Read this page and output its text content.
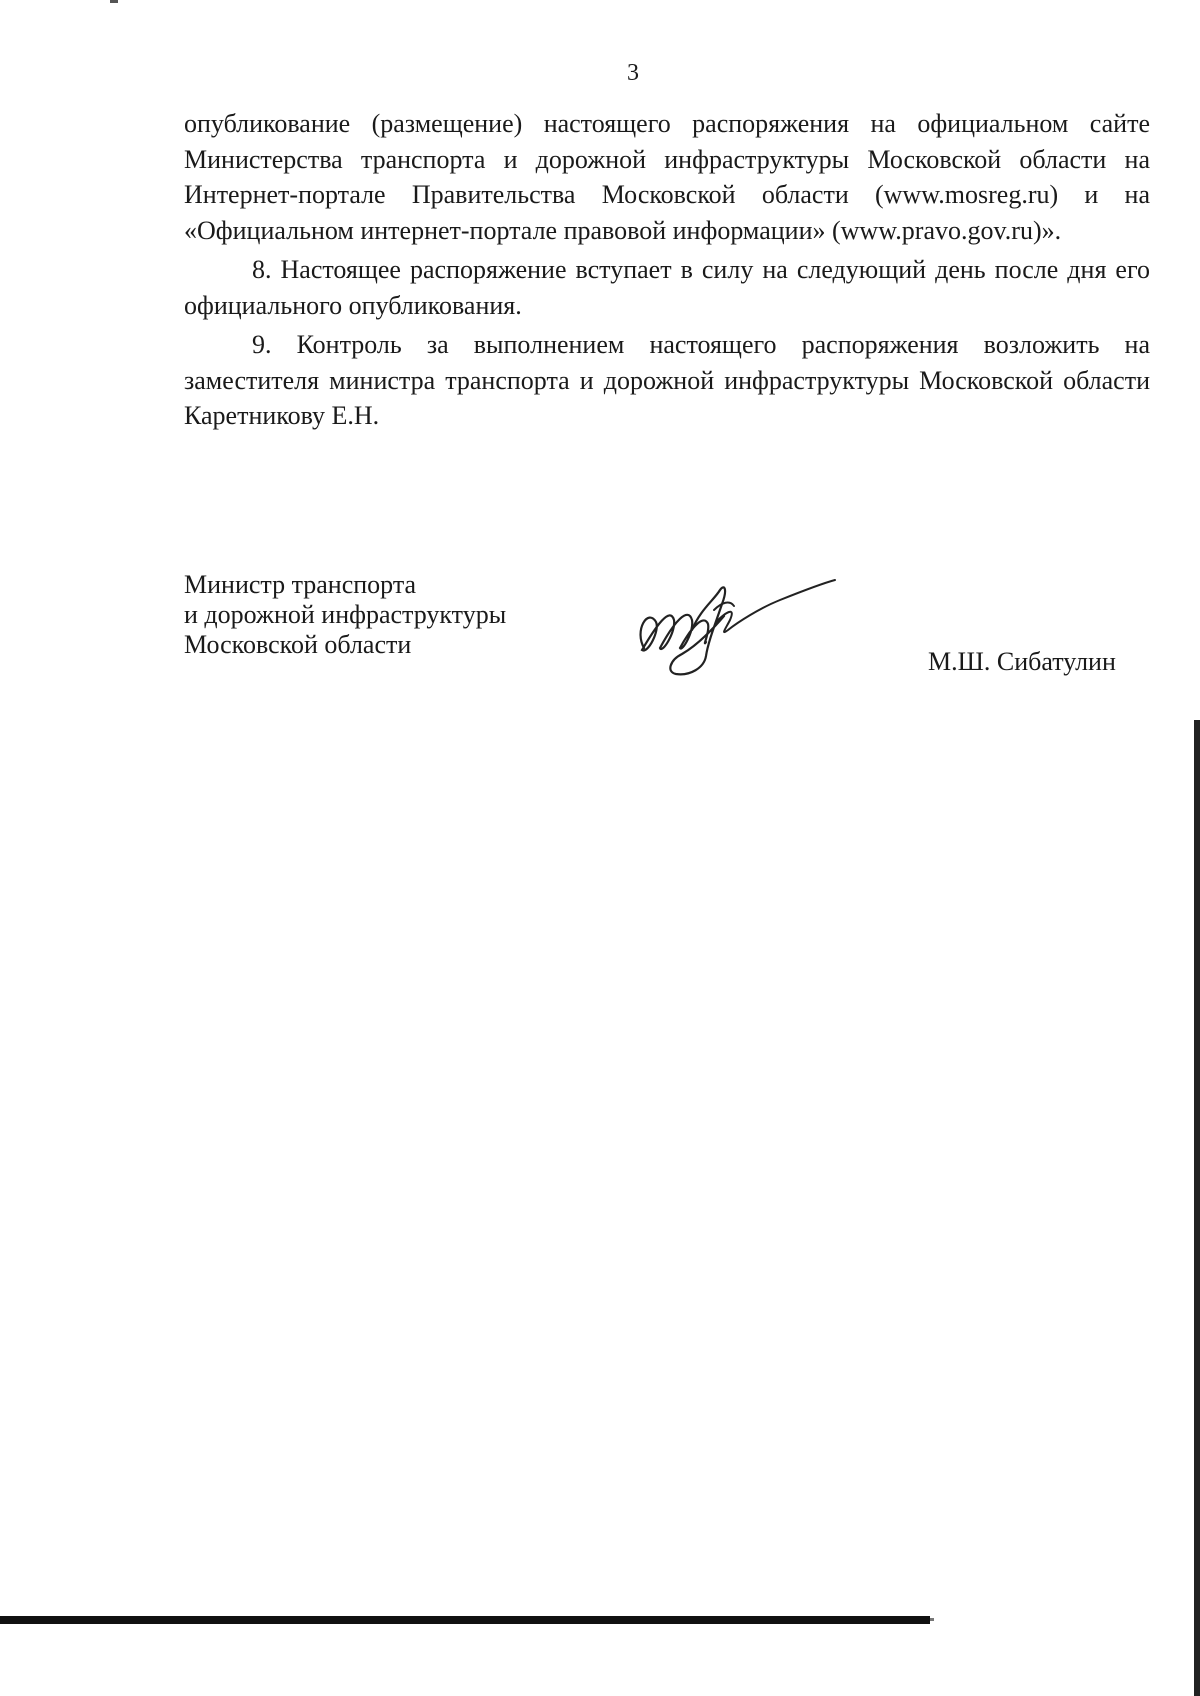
3

опубликование (размещение) настоящего распоряжения на официальном сайте Министерства транспорта и дорожной инфраструктуры Московской области на Интернет-портале Правительства Московской области (www.mosreg.ru) и на «Официальном интернет-портале правовой информации» (www.pravo.gov.ru)».

8. Настоящее распоряжение вступает в силу на следующий день после дня его официального опубликования.

9. Контроль за выполнением настоящего распоряжения возложить на заместителя министра транспорта и дорожной инфраструктуры Московской области Каретникову Е.Н.

Министр транспорта
и дорожной инфраструктуры
Московской области
М.Ш. Сибатулин
